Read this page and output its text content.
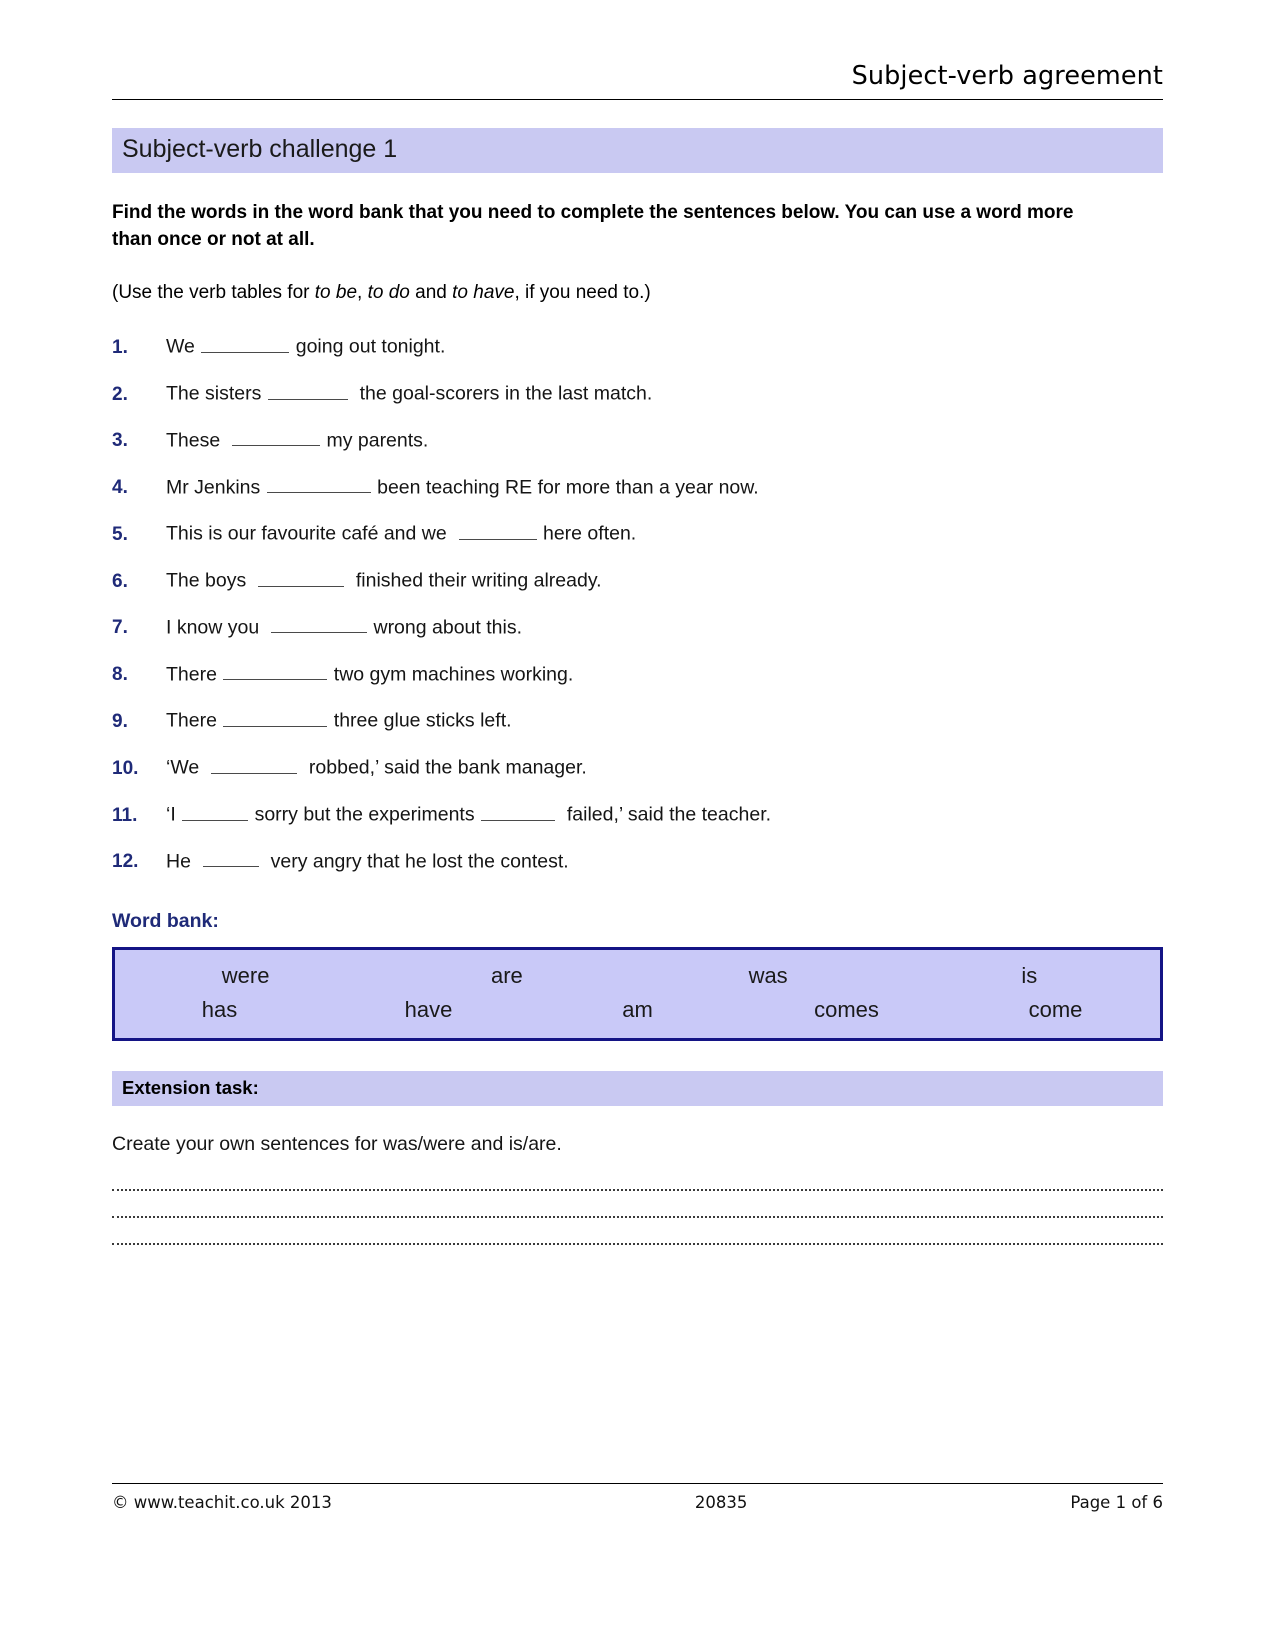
Subject-verb agreement
Subject-verb challenge 1
Find the words in the word bank that you need to complete the sentences below. You can use a word more than once or not at all.
(Use the verb tables for to be, to do and to have, if you need to.)
1.	We	going out tonight.
2.	The sisters	the goal-scorers in the last match.
3.	These	my parents.
4.	Mr Jenkins	been teaching RE for more than a year now.
5.	This is our favourite café and we	here often.
6.	The boys	finished their writing already.
7.	I know you	wrong about this.
8.	There	two gym machines working.
9.	There	three glue sticks left.
10.	‘We	robbed,’ said the bank manager.
11.	‘I	sorry but the experiments	failed,’ said the teacher.
12.	He	very angry that he lost the contest.
Word bank:
were	are	was	is
has	have	am	comes	come
Extension task:
Create your own sentences for was/were and is/are.
© www.teachit.co.uk 2013	20835	Page 1 of 6
